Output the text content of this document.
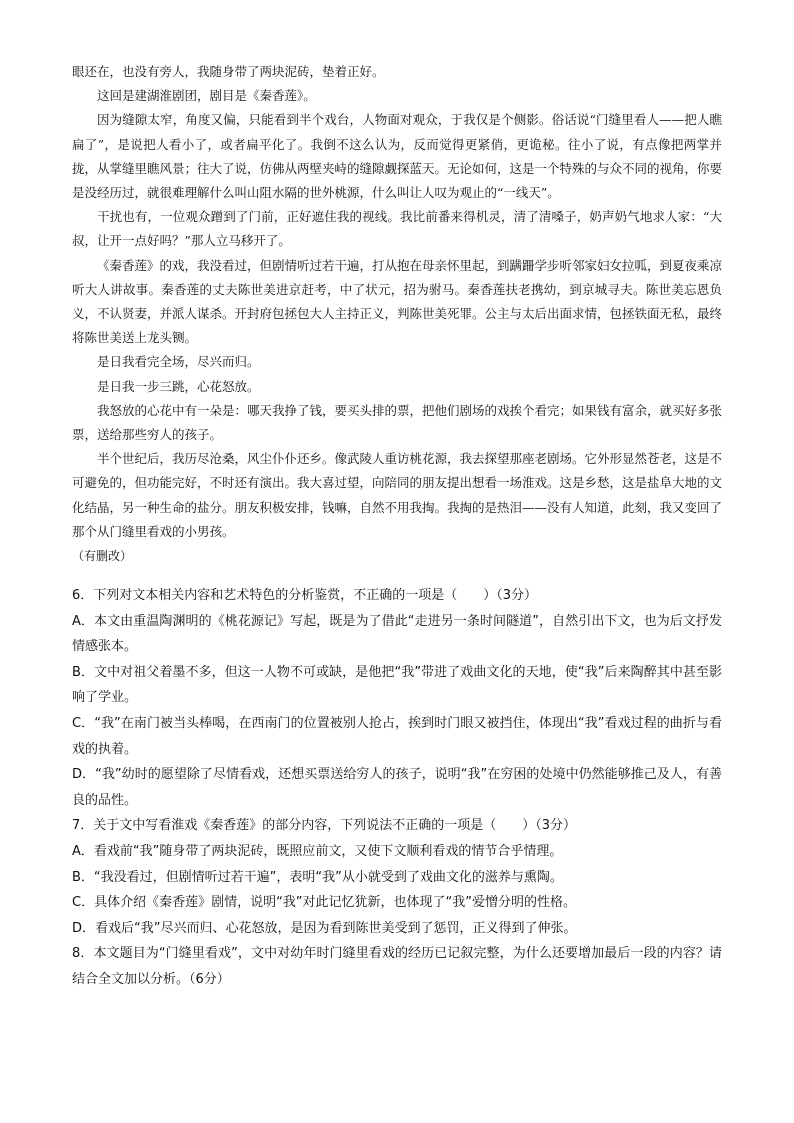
眼还在，也没有旁人，我随身带了两块泥砖，垫着正好。

这回是建湖淮剧团，剧目是《秦香莲》。

因为缝隙太窄，角度又偏，只能看到半个戏台，人物面对观众，于我仅是个侧影。俗话说“门缝里看人——把人瞧扁了”，是说把人看小了，或者扁平化了。我倒不这么认为，反而觉得更紧俏，更诡秘。往小了说，有点像把两掌并拢，从掌缝里瞧风景；往大了说，仿佛从两壁夹峙的缝隙觑探蓝天。无论如何，这是一个特殊的与众不同的视角，你要是没经历过，就很难理解什么叫山阻水隔的世外桃源，什么叫让人叹为观止的“一线天”。

干扰也有，一位观众蹭到了门前，正好遮住我的视线。我比前番来得机灵，清了清嗓子，奶声奶气地求人家：“大叔，让开一点好吗？”那人立马移开了。

《秦香莲》的戏，我没看过，但剧情听过若干遍，打从抱在母亲怀里起，到蹒跚学步听邻家妇女拉呱，到夏夜乘凉听大人讲故事。秦香莲的丈夫陈世美进京赶考，中了状元，招为驸马。秦香莲扶老携幼，到京城寻夫。陈世美忘恩负义，不认贤妻，并派人谋杀。开封府包拯包大人主持正义，判陈世美死罪。公主与太后出面求情，包拯铁面无私，最终将陈世美送上龙头铡。

是日我看完全场，尽兴而归。

是日我一步三跳，心花怒放。

我怒放的心花中有一朵是：哪天我挣了钱，要买头排的票，把他们剧场的戏挨个看完；如果钱有富余，就买好多张票，送给那些穷人的孩子。

半个世纪后，我历尽沧桑，风尘仆仆还乡。像武陵人重访桃花源，我去探望那座老剧场。它外形显然苍老，这是不可避免的，但功能完好，不时还有演出。我大喜过望，向陪同的朋友提出想看一场淮戏。这是乡愁，这是盐阜大地的文化结晶，另一种生命的盐分。朋友积极安排，钱嘛，自然不用我掏。我掏的是热泪——没有人知道，此刻，我又变回了那个从门缝里看戏的小男孩。

（有删改）

6．下列对文本相关内容和艺术特色的分析鉴赏，不正确的一项是（　　）（3分）

A．本文由重温陶渊明的《桃花源记》写起，既是为了借此“走进另一条时间隧道”，自然引出下文，也为后文抒发情感张本。

B．文中对祖父着墨不多，但这一人物不可或缺，是他把“我”带进了戏曲文化的天地，使“我”后来陶醉其中甚至影响了学业。

C．“我”在南门被当头棒喝，在西南门的位置被别人抢占，挨到时门眼又被挡住，体现出“我”看戏过程的曲折与看戏的执着。

D．“我”幼时的愿望除了尽情看戏，还想买票送给穷人的孩子，说明“我”在穷困的处境中仍然能够推己及人，有善良的品性。

7．关于文中写看淮戏《秦香莲》的部分内容，下列说法不正确的一项是（　　）（3分）

A．看戏前“我”随身带了两块泥砖，既照应前文，又使下文顺利看戏的情节合乎情理。

B．“我没看过，但剧情听过若干遍”，表明“我”从小就受到了戏曲文化的滋养与熏陶。

C．具体介绍《秦香莲》剧情，说明“我”对此记忆犹新，也体现了“我”爱憎分明的性格。

D．看戏后“我”尽兴而归、心花怒放，是因为看到陈世美受到了惩罚，正义得到了伸张。

8．本文题目为“门缝里看戏”，文中对幼年时门缝里看戏的经历已记叙完整，为什么还要增加最后一段的内容？请结合全文加以分析。（6分）
